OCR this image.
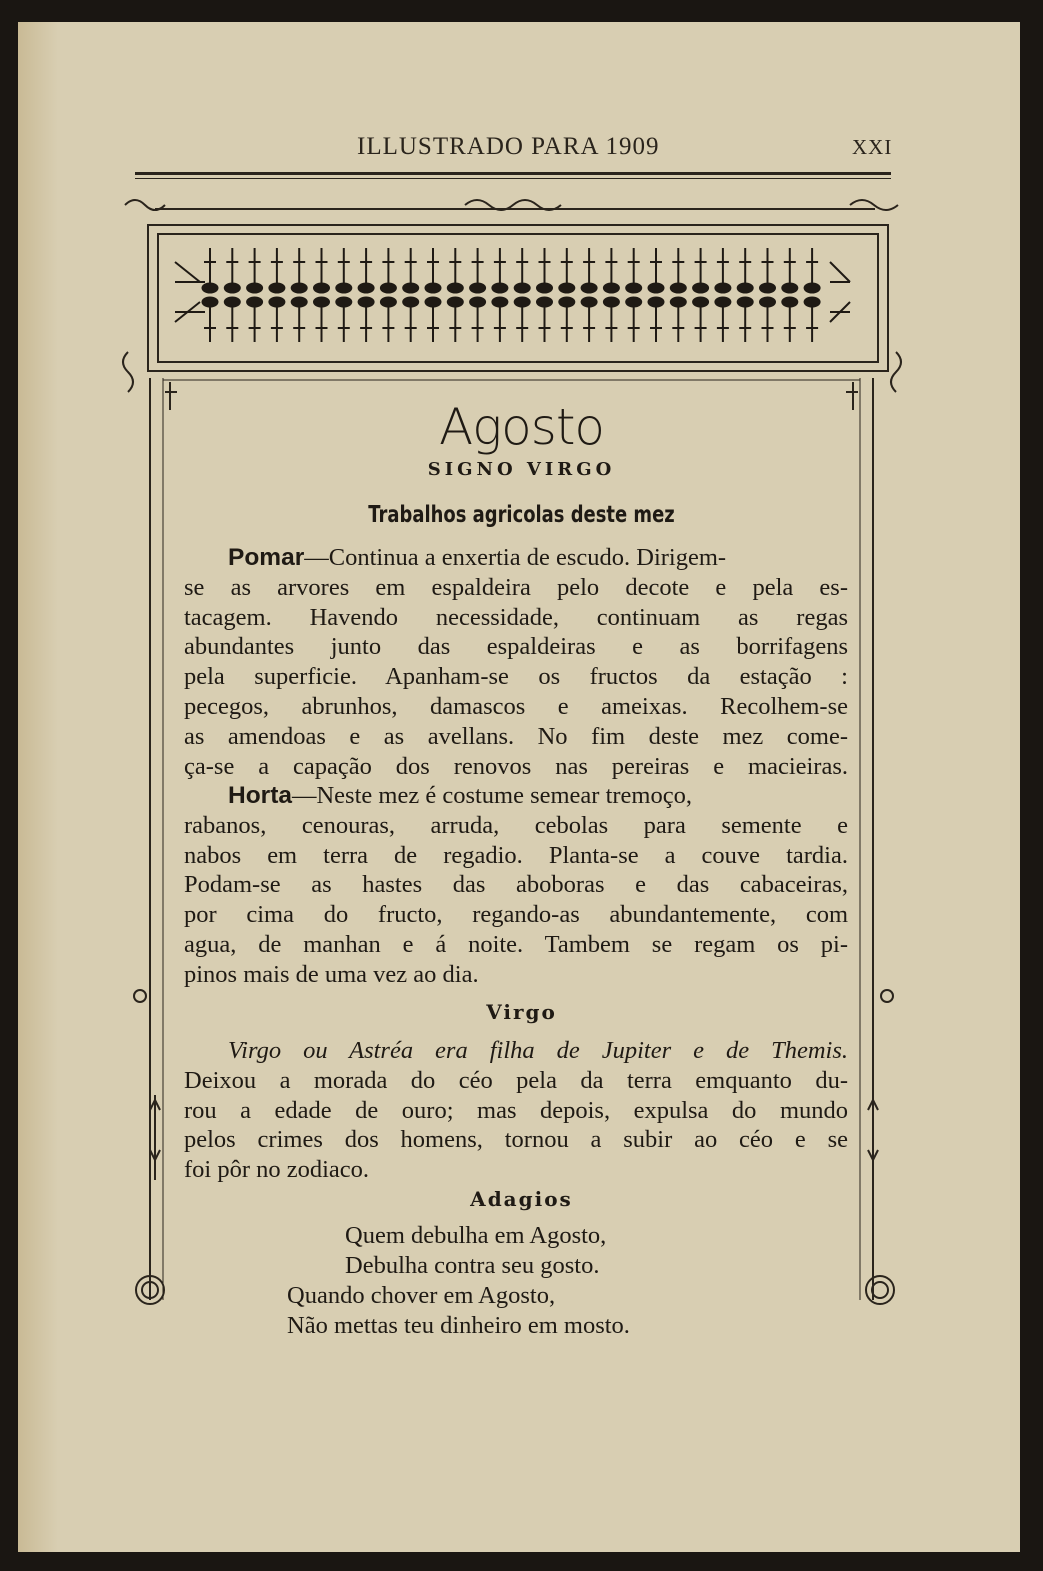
ILLUSTRADO PARA 1909	XXI
Agosto
SIGNO VIRGO
Trabalhos agricolas deste mez
Pomar—Continua a enxertia de escudo. Dirigem-
se as arvores em espaldeira pelo decote e pela es-
tacagem. Havendo necessidade, continuam as regas
abundantes junto das espaldeiras e as borrifagens
pela superficie. Apanham-se os fructos da estação :
pecegos, abrunhos, damascos e ameixas. Recolhem-se
as amendoas e as avellans. No fim deste mez come-
ça-se a capação dos renovos nas pereiras e macieiras.
Horta—Neste mez é costume semear tremoço,
rabanos, cenouras, arruda, cebolas para semente e
nabos em terra de regadio. Planta-se a couve tardia.
Podam-se as hastes das aboboras e das cabaceiras,
por cima do fructo, regando-as abundantemente, com
agua, de manhan e á noite. Tambem se regam os pi-
pinos mais de uma vez ao dia.
Virgo
Virgo ou Astréa era filha de Jupiter e de Themis.
Deixou a morada do céo pela da terra emquanto du-
rou a edade de ouro; mas depois, expulsa do mundo
pelos crimes dos homens, tornou a subir ao céo e se
foi pôr no zodiaco.
Adagios
Quem debulha em Agosto,
Debulha contra seu gosto.
Quando chover em Agosto,
Não mettas teu dinheiro em mosto.
